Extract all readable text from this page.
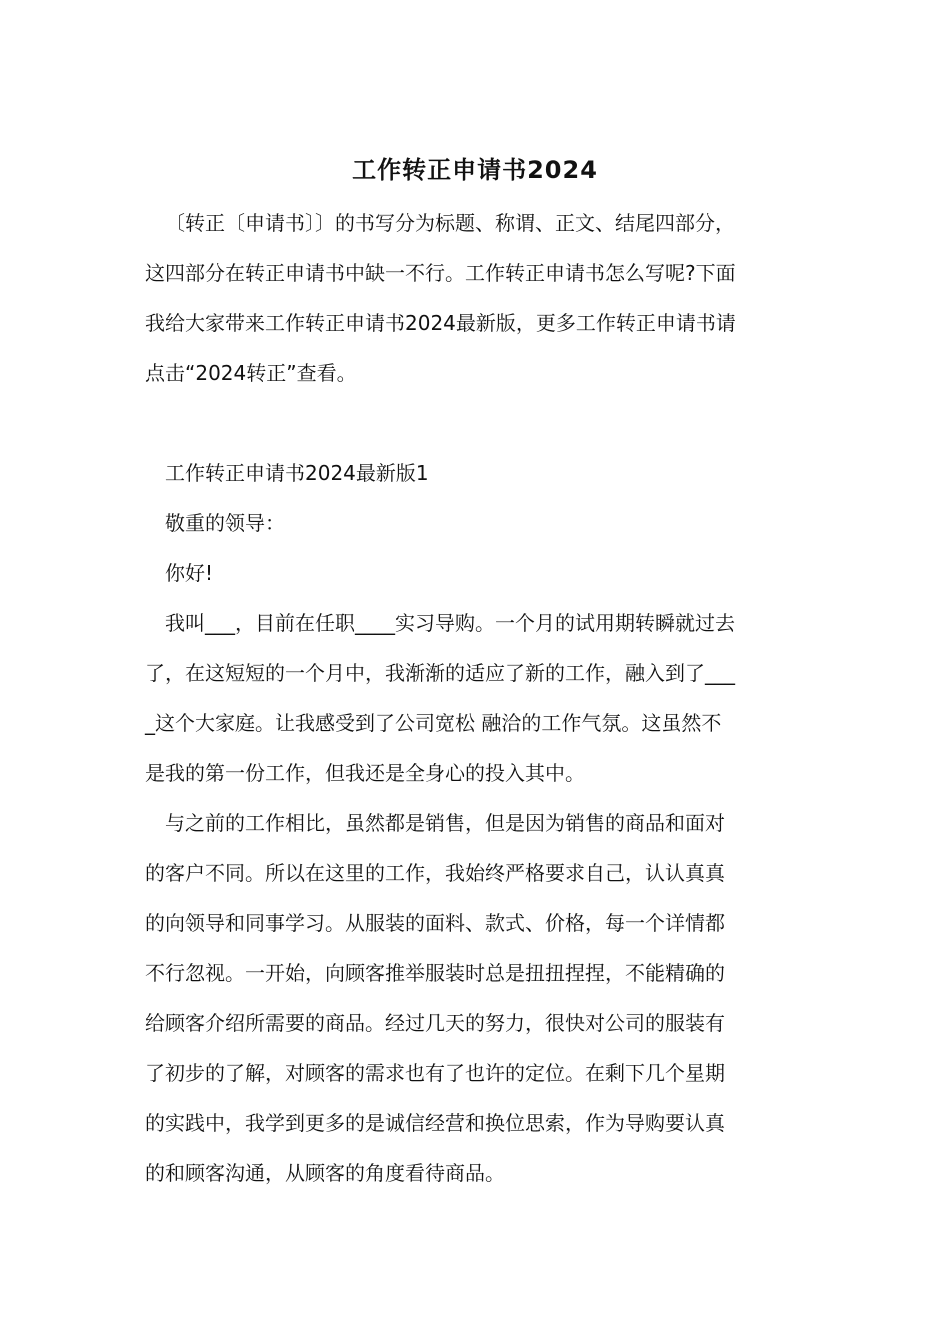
工作转正申请书2024
〔转正〔申请书〕〕的书写分为标题、称谓、正文、结尾四部分，
这四部分在转正申请书中缺一不行。工作转正申请书怎么写呢?下面
我给大家带来工作转正申请书2024最新版，更多工作转正申请书请
点击“2024转正”查看。
工作转正申请书2024最新版1
敬重的领导：
你好!
我叫___，目前在任职____实习导购。一个月的试用期转瞬就过去
了，在这短短的一个月中，我渐渐的适应了新的工作，融入到了___
_这个大家庭。让我感受到了公司宽松 融洽的工作气氛。这虽然不
是我的第一份工作，但我还是全身心的投入其中。
与之前的工作相比，虽然都是销售，但是因为销售的商品和面对
的客户不同。所以在这里的工作，我始终严格要求自己，认认真真
的向领导和同事学习。从服装的面料、款式、价格，每一个详情都
不行忽视。一开始，向顾客推举服装时总是扭扭捏捏，不能精确的
给顾客介绍所需要的商品。经过几天的努力，很快对公司的服装有
了初步的了解，对顾客的需求也有了也许的定位。在剩下几个星期
的实践中，我学到更多的是诚信经营和换位思索，作为导购要认真
的和顾客沟通，从顾客的角度看待商品。
